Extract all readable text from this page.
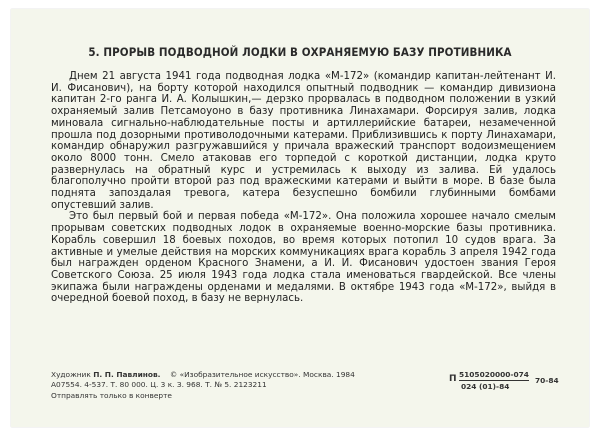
5. ПРОРЫВ ПОДВОДНОЙ ЛОДКИ В ОХРАНЯЕМУЮ БАЗУ ПРОТИВНИКА

Днем 21 августа 1941 года подводная лодка «М-172» (командир капитан-лейтенант И. И. Фисанович), на борту которой находился опытный подводник — командир дивизиона капитан 2-го ранга И. А. Колышкин,— дерзко прорвалась в подводном положении в узкий охраняемый залив Петсамоуоно в базу противника Линахамари. Форсируя залив, лодка миновала сигнально-наблюдательные посты и артиллерийские батареи, незамеченной прошла под дозорными противолодочными катерами. Приблизившись к порту Линахамари, командир обнаружил разгружавшийся у причала вражеский транспорт водоизмещением около 8000 тонн. Смело атаковав его торпедой с короткой дистанции, лодка круто развернулась на обратный курс и устремилась к выходу из залива. Ей удалось благополучно пройти второй раз под вражескими катерами и выйти в море. В базе была поднята запоздалая тревога, катера безуспешно бомбили глубинными бомбами опустевший залив.

Это был первый бой и первая победа «М-172». Она положила хорошее начало смелым прорывам советских подводных лодок в охраняемые военно-морские базы противника. Корабль совершил 18 боевых походов, во время которых потопил 10 судов врага. За активные и умелые действия на морских коммуникациях врага корабль 3 апреля 1942 года был награжден орденом Красного Знамени, а И. И. Фисанович удостоен звания Героя Советского Союза. 25 июля 1943 года лодка стала именоваться гвардейской. Все члены экипажа были награждены орденами и медалями. В октябре 1943 года «М-172», выйдя в очередной боевой поход, в базу не вернулась.

Художник П. П. Павлинов. © «Изобразительное искусство». Москва. 1984
А07554. 4-537. Т. 80 000. Ц. 3 к. З. 968. Т. № 5. 2123211
Отправлять только в конверте
П 5105020000-074
024 (01)-84
70-84
